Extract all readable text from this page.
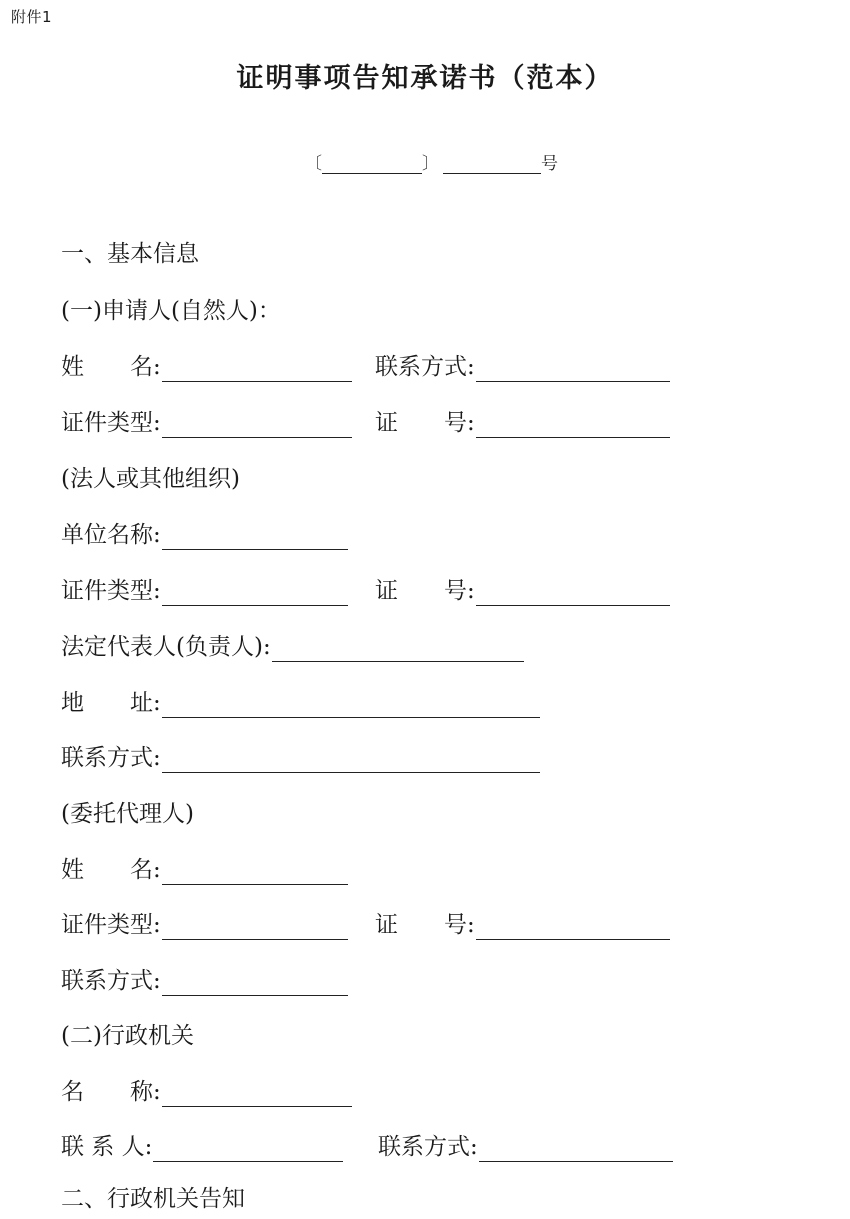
附件1
证明事项告知承诺书（范本）
〔	〕	号
一、基本信息
(一)申请人(自然人)：
姓　　名:	联系方式:
证件类型:	证　　号:
(法人或其他组织)
单位名称:
证件类型:	证　　号:
法定代表人(负责人):
地　　址:
联系方式:
(委托代理人)
姓　　名:
证件类型:	证　　号:
联系方式:
(二)行政机关
名　　称:
联 系 人:	联系方式:
二、行政机关告知
